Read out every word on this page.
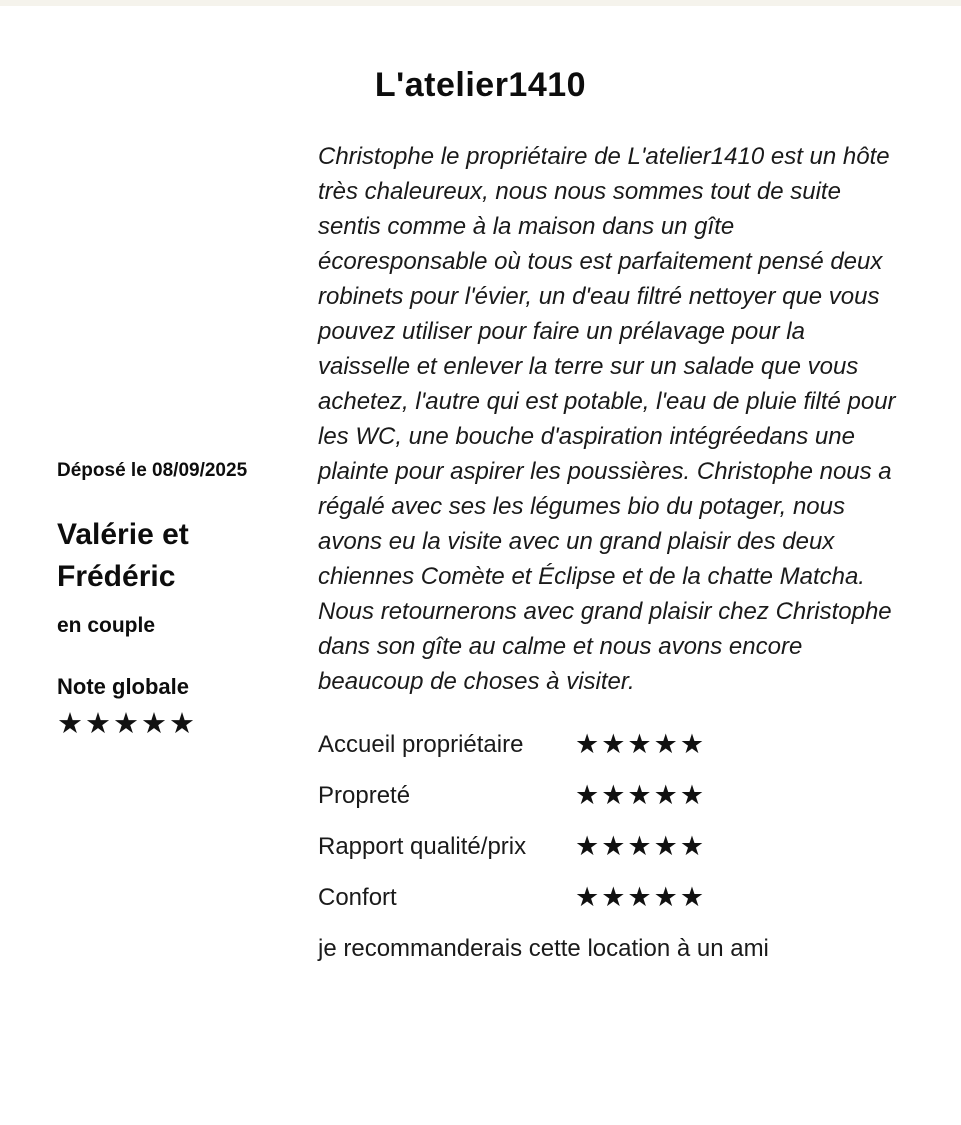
L'atelier1410
Déposé le 08/09/2025
Valérie et Frédéric
en couple
Note globale
★★★★★

Christophe le propriétaire de L'atelier1410 est un hôte très chaleureux, nous nous sommes tout de suite sentis comme à la maison dans un gîte écoresponsable où tous est parfaitement pensé deux robinets pour l'évier, un d'eau filtré nettoyer que vous pouvez utiliser pour faire un prélavage pour la vaisselle et enlever la terre sur un salade que vous achetez, l'autre qui est potable, l'eau de pluie filté pour les WC, une bouche d'aspiration intégréedans une plainte pour aspirer les poussières. Christophe nous a régalé avec ses les légumes bio du potager, nous avons eu la visite avec un grand plaisir des deux chiennes Comète et Éclipse et de la chatte Matcha. Nous retournerons avec grand plaisir chez Christophe dans son gîte au calme et nous avons encore beaucoup de choses à visiter.

Accueil propriétaire	★★★★★
Propreté	★★★★★
Rapport qualité/prix	★★★★★
Confort	★★★★★
je recommanderais cette location à un ami
